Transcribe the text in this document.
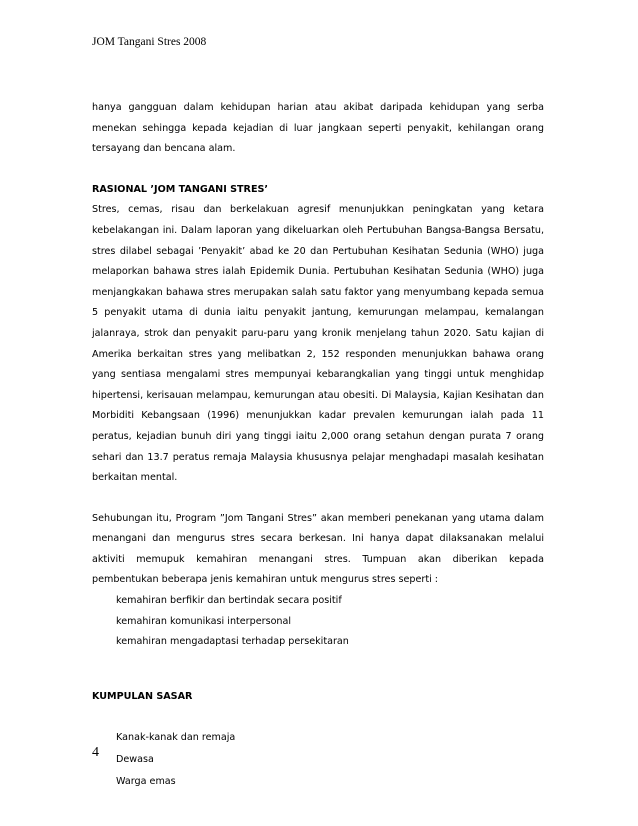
JOM Tangani Stres 2008

hanya gangguan dalam kehidupan harian atau akibat daripada kehidupan yang serba menekan sehingga kepada kejadian di luar jangkaan seperti penyakit, kehilangan orang tersayang dan bencana alam.

RASIONAL ’JOM TANGANI STRES’

Stres, cemas, risau dan berkelakuan agresif menunjukkan peningkatan yang ketara kebelakangan ini. Dalam laporan yang dikeluarkan oleh Pertubuhan Bangsa-Bangsa Bersatu, stres dilabel sebagai ’Penyakit’ abad ke 20 dan Pertubuhan Kesihatan Sedunia (WHO) juga melaporkan bahawa stres ialah Epidemik Dunia. Pertubuhan Kesihatan Sedunia (WHO) juga menjangkakan bahawa stres merupakan salah satu faktor yang menyumbang kepada semua 5 penyakit utama di dunia iaitu penyakit jantung, kemurungan melampau, kemalangan jalanraya, strok dan penyakit paru-paru yang kronik menjelang tahun 2020. Satu kajian di Amerika berkaitan stres yang melibatkan 2, 152 responden menunjukkan bahawa orang yang sentiasa mengalami stres mempunyai kebarangkalian yang tinggi untuk menghidap hipertensi, kerisauan melampau, kemurungan atau obesiti. Di Malaysia, Kajian Kesihatan dan Morbiditi Kebangsaan (1996) menunjukkan kadar prevalen kemurungan ialah pada 11 peratus, kejadian bunuh diri yang tinggi iaitu 2,000 orang setahun dengan purata 7 orang sehari dan 13.7 peratus remaja Malaysia khususnya pelajar menghadapi masalah kesihatan berkaitan mental.

Sehubungan itu, Program ”Jom Tangani Stres” akan memberi penekanan yang utama dalam menangani dan mengurus stres secara berkesan. Ini hanya dapat dilaksanakan melalui aktiviti memupuk kemahiran menangani stres. Tumpuan akan diberikan kepada pembentukan beberapa jenis kemahiran untuk mengurus stres seperti :

kemahiran berfikir dan bertindak secara positif
kemahiran komunikasi interpersonal
kemahiran mengadaptasi terhadap persekitaran

KUMPULAN SASAR

Kanak-kanak dan remaja
Dewasa
Warga emas
4
